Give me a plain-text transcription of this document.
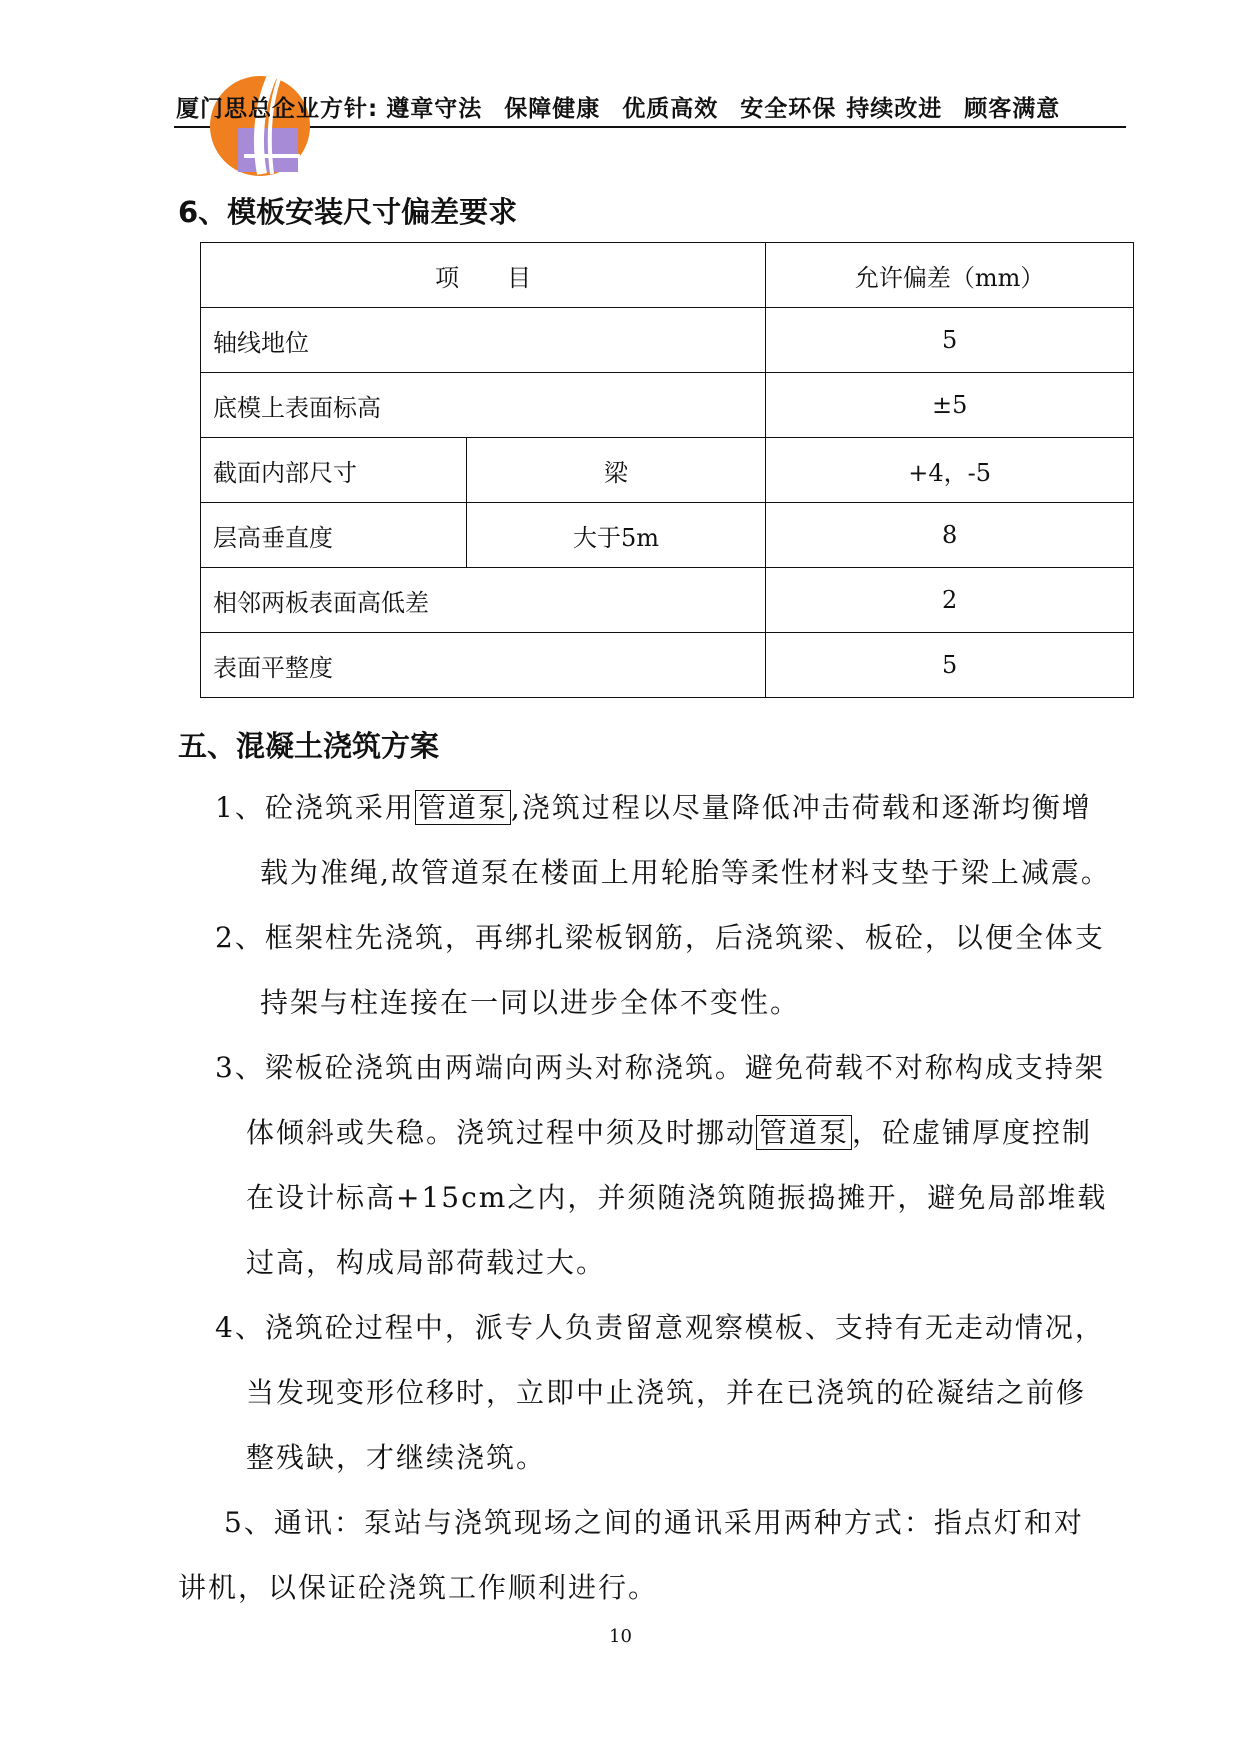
厦门思总企业方针: 遵章守法 保障健康 优质高效 安全环保 持续改进 顾客满意
6、模板安装尺寸偏差要求
项　　目		允许偏差（mm）
轴线地位		5
底模上表面标高		±5
截面内部尺寸	梁	+4，-5
层高垂直度	大于5m	8
相邻两板表面高低差		2
表面平整度		5
五、混凝土浇筑方案
1、砼浇筑采用 管道泵 ,浇筑过程以尽量降低冲击荷载和逐渐均衡增
载为准绳,故管道泵在楼面上用轮胎等柔性材料支垫于梁上减震。
2、框架柱先浇筑，再绑扎梁板钢筋，后浇筑梁、板砼，以便全体支
持架与柱连接在一同以进步全体不变性。
3、梁板砼浇筑由两端向两头对称浇筑。避免荷载不对称构成支持架
体倾斜或失稳。浇筑过程中须及时挪动 管道泵 ，砼虚铺厚度控制
在设计标高+15cm之内，并须随浇筑随振捣摊开，避免局部堆载
过高，构成局部荷载过大。
4、浇筑砼过程中，派专人负责留意观察模板、支持有无走动情况，
当发现变形位移时，立即中止浇筑，并在已浇筑的砼凝结之前修
整残缺，才继续浇筑。
5、通讯：泵站与浇筑现场之间的通讯采用两种方式：指点灯和对
讲机，以保证砼浇筑工作顺利进行。
10
